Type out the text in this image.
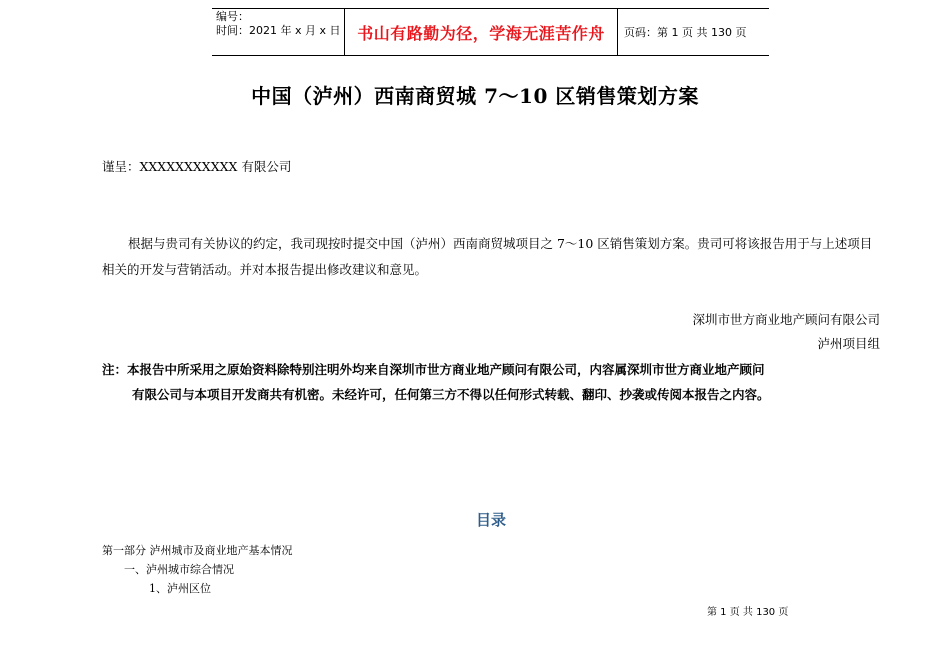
编号：
时间：2021 年 x 月 x 日 书山有路勤为径，学海无涯苦作舟 页码：第 1 页 共 130 页
中国（泸州）西南商贸城 7～10 区销售策划方案
谨呈：XXXXXXXXXXX 有限公司
根据与贵司有关协议的约定，我司现按时提交中国（泸州）西南商贸城项目之 7～10 区销售策划方案。贵司可将该报告用于与上述项目相关的开发与营销活动。并对本报告提出修改建议和意见。
深圳市世方商业地产顾问有限公司
泸州项目组
注：本报告中所采用之原始资料除特别注明外均来自深圳市世方商业地产顾问有限公司，内容属深圳市世方商业地产顾问
有限公司与本项目开发商共有机密。未经许可，任何第三方不得以任何形式转载、翻印、抄袭或传阅本报告之内容。
目录
第一部分 泸州城市及商业地产基本情况
一、泸州城市综合情况
1、泸州区位
第 1 页 共 130 页
